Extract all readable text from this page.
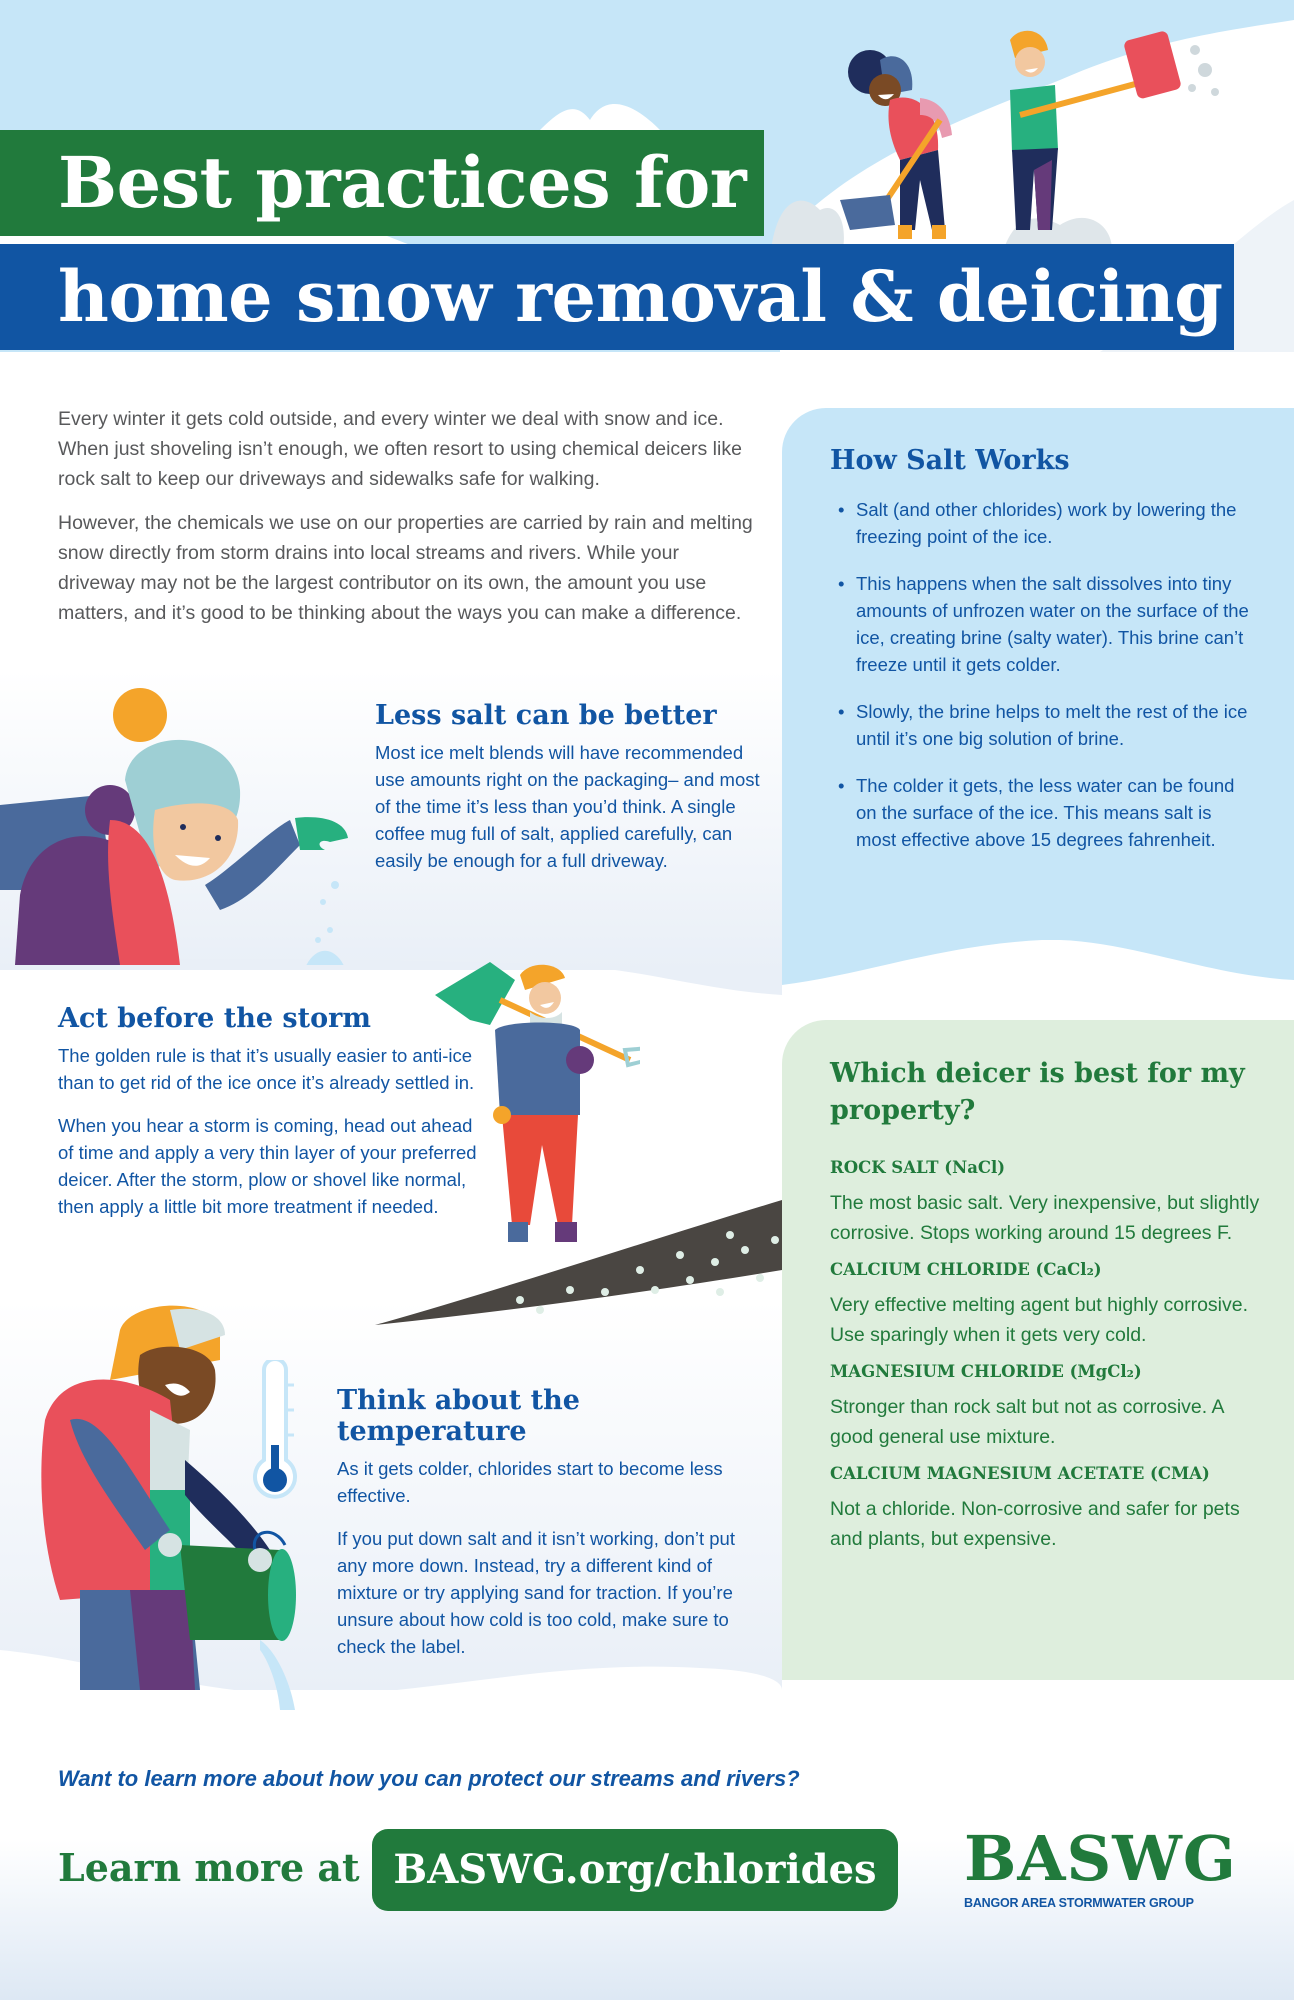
Best practices for
home snow removal & deicing

Every winter it gets cold outside, and every winter we deal with snow and ice. When just shoveling isn’t enough, we often resort to using chemical deicers like rock salt to keep our driveways and sidewalks safe for walking.

However, the chemicals we use on our properties are carried by rain and melting snow directly from storm drains into local streams and rivers. While your driveway may not be the largest contributor on its own, the amount you use matters, and it’s good to be thinking about the ways you can make a difference.

How Salt Works
• Salt (and other chlorides) work by lowering the freezing point of the ice.
• This happens when the salt dissolves into tiny amounts of unfrozen water on the surface of the ice, creating brine (salty water). This brine can’t freeze until it gets colder.
• Slowly, the brine helps to melt the rest of the ice until it’s one big solution of brine.
• The colder it gets, the less water can be found on the surface of the ice. This means salt is most effective above 15 degrees fahrenheit.
Which deicer is best for my property?
ROCK SALT (NaCl)
The most basic salt. Very inexpensive, but slightly corrosive. Stops working around 15 degrees F.
CALCIUM CHLORIDE (CaCl₂)
Very effective melting agent but highly corrosive. Use sparingly when it gets very cold.
MAGNESIUM CHLORIDE (MgCl₂)
Stronger than rock salt but not as corrosive. A good general use mixture.
CALCIUM MAGNESIUM ACETATE (CMA)
Not a chloride. Non-corrosive and safer for pets and plants, but expensive.
Less salt can be better
Most ice melt blends will have recommended use amounts right on the packaging– and most of the time it’s less than you’d think. A single coffee mug full of salt, applied carefully, can easily be enough for a full driveway.
Act before the storm

The golden rule is that it’s usually easier to anti-ice than to get rid of the ice once it’s already settled in.

When you hear a storm is coming, head out ahead of time and apply a very thin layer of your preferred deicer. After the storm, plow or shovel like normal, then apply a little bit more treatment if needed.

Think about the temperature

As it gets colder, chlorides start to become less effective.

If you put down salt and it isn’t working, don’t put any more down. Instead, try a different kind of mixture or try applying sand for traction. If you’re unsure about how cold is too cold, make sure to check the label.

Want to learn more about how you can protect our streams and rivers?
Learn more at BASWG.org/chlorides	BASWG
BANGOR AREA STORMWATER GROUP
